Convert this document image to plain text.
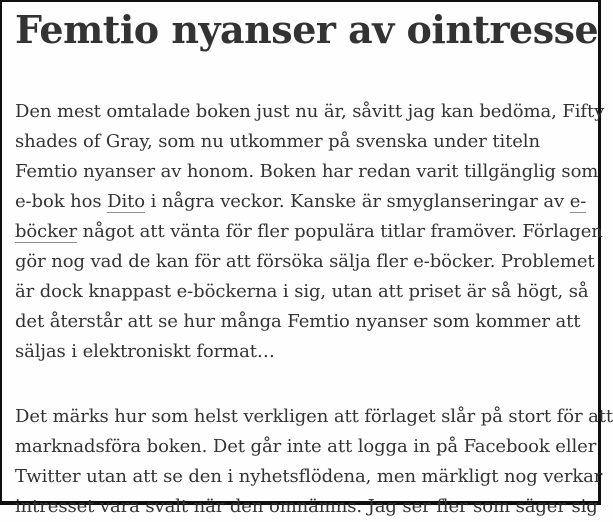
Femtio nyanser av ointresse

Den mest omtalade boken just nu är, såvitt jag kan bedöma, Fifty
shades of Gray, som nu utkommer på svenska under titeln
Femtio nyanser av honom. Boken har redan varit tillgänglig som
e-bok hos Dito i några veckor. Kanske är smyglanseringar av e-
böcker något att vänta för fler populära titlar framöver. Förlagen
gör nog vad de kan för att försöka sälja fler e-böcker. Problemet
är dock knappast e-böckerna i sig, utan att priset är så högt, så
det återstår att se hur många Femtio nyanser som kommer att
säljas i elektroniskt format…

Det märks hur som helst verkligen att förlaget slår på stort för att
marknadsföra boken. Det går inte att logga in på Facebook eller
Twitter utan att se den i nyhetsflödena, men märkligt nog verkar
intresset vara svalt när den omnämns. Jag ser fler som säger sig
